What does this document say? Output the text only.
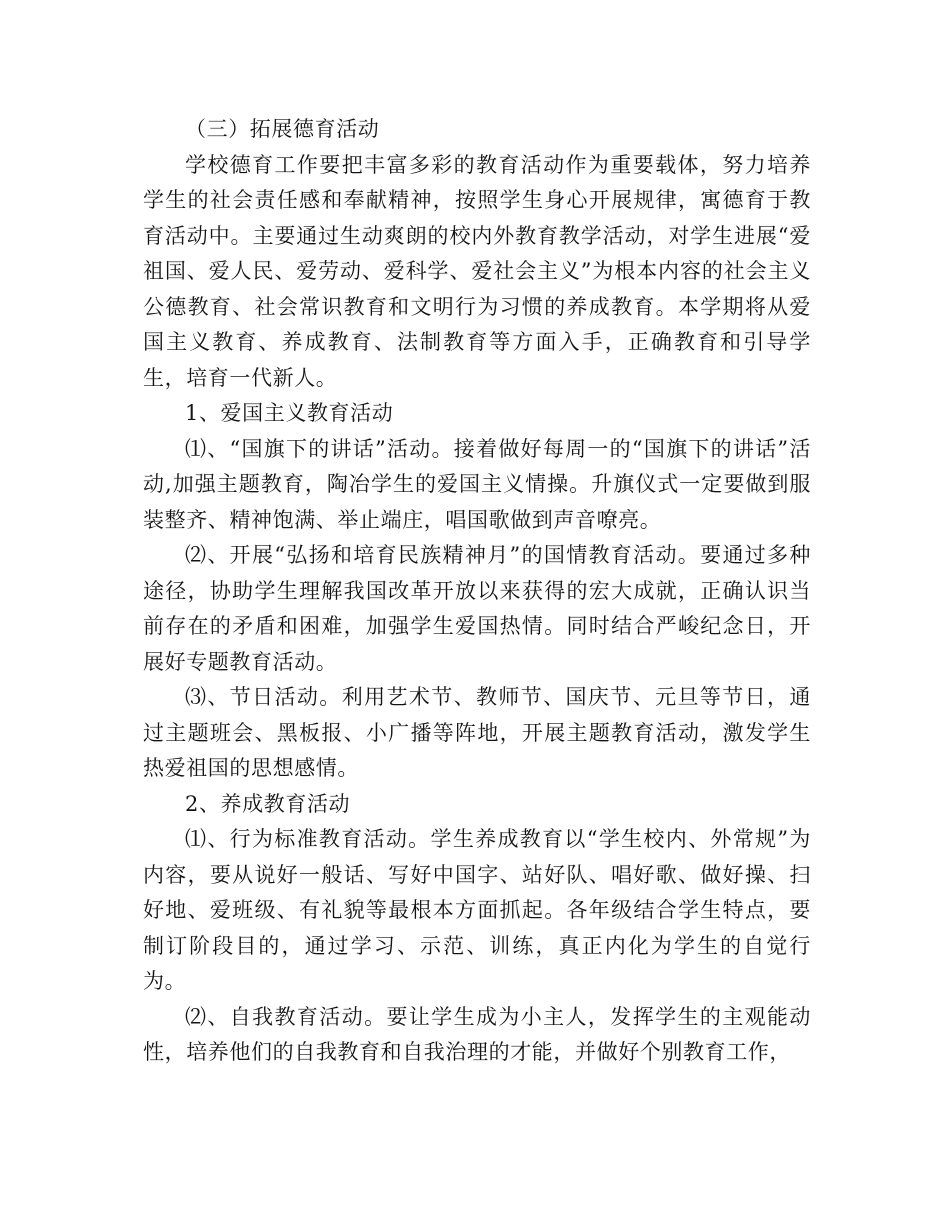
（三）拓展德育活动

学校德育工作要把丰富多彩的教育活动作为重要载体，努力培养学生的社会责任感和奉献精神，按照学生身心开展规律，寓德育于教育活动中。主要通过生动爽朗的校内外教育教学活动，对学生进展“爱祖国、爱人民、爱劳动、爱科学、爱社会主义”为根本内容的社会主义公德教育、社会常识教育和文明行为习惯的养成教育。本学期将从爱国主义教育、养成教育、法制教育等方面入手，正确教育和引导学生，培育一代新人。

1、爱国主义教育活动

⑴、“国旗下的讲话”活动。接着做好每周一的“国旗下的讲话”活动,加强主题教育，陶冶学生的爱国主义情操。升旗仪式一定要做到服装整齐、精神饱满、举止端庄，唱国歌做到声音嘹亮。

⑵、开展“弘扬和培育民族精神月”的国情教育活动。要通过多种途径，协助学生理解我国改革开放以来获得的宏大成就，正确认识当前存在的矛盾和困难，加强学生爱国热情。同时结合严峻纪念日，开展好专题教育活动。

⑶、节日活动。利用艺术节、教师节、国庆节、元旦等节日，通过主题班会、黑板报、小广播等阵地，开展主题教育活动，激发学生热爱祖国的思想感情。

2、养成教育活动

⑴、行为标准教育活动。学生养成教育以“学生校内、外常规”为内容，要从说好一般话、写好中国字、站好队、唱好歌、做好操、扫好地、爱班级、有礼貌等最根本方面抓起。各年级结合学生特点，要制订阶段目的，通过学习、示范、训练，真正内化为学生的自觉行为。

⑵、自我教育活动。要让学生成为小主人，发挥学生的主观能动性，培养他们的自我教育和自我治理的才能，并做好个别教育工作，
